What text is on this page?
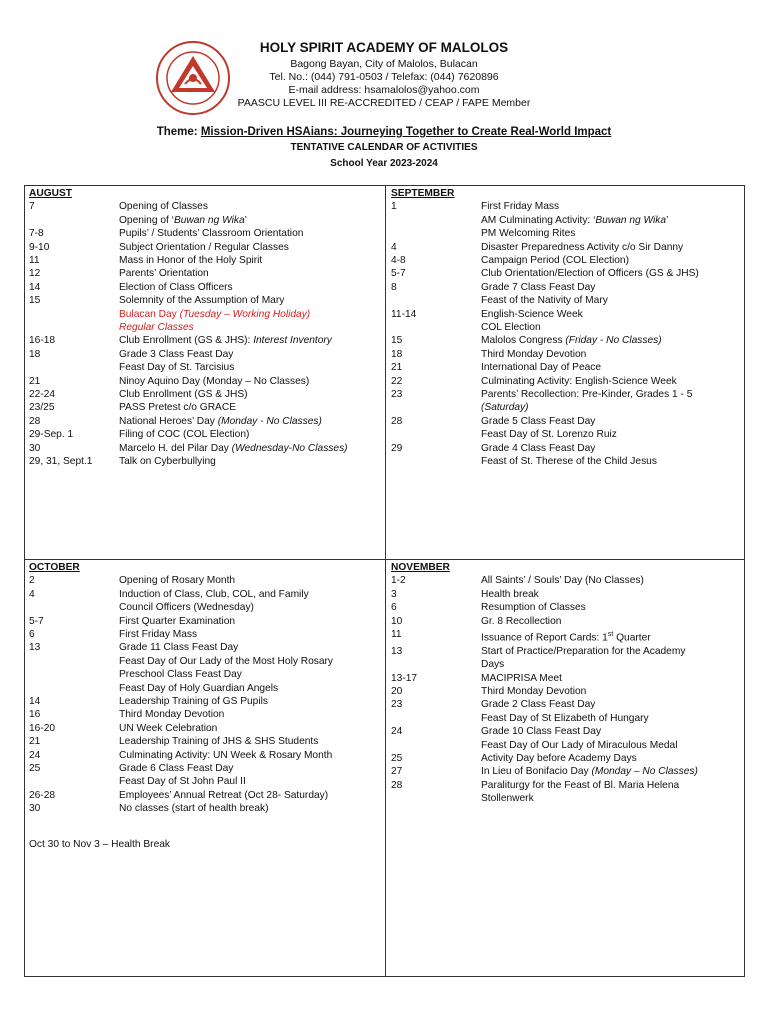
HOLY SPIRIT ACADEMY OF MALOLOS
Bagong Bayan, City of Malolos, Bulacan
Tel. No.: (044) 791-0503 / Telefax: (044) 7620896
E-mail address: hsamalolos@yahoo.com
PAASCU LEVEL III RE-ACCREDITED / CEAP / FAPE Member
Theme: Mission-Driven HSAians: Journeying Together to Create Real-World Impact
TENTATIVE CALENDAR OF ACTIVITIES
School Year 2023-2024
AUGUST
7	Opening of Classes
Opening of ‘Buwan ng Wika’
7-8	Pupils’ / Students’ Classroom Orientation
9-10	Subject Orientation / Regular Classes
11	Mass in Honor of the Holy Spirit
12	Parents’ Orientation
14	Election of Class Officers
15	Solemnity of the Assumption of Mary
Bulacan Day (Tuesday – Working Holiday)
Regular Classes
16-18	Club Enrollment (GS & JHS): Interest Inventory
18	Grade 3 Class Feast Day
Feast Day of St. Tarcisius
21	Ninoy Aquino Day (Monday – No Classes)
22-24	Club Enrollment (GS & JHS)
23/25	PASS Pretest c/o GRACE
28	National Heroes’ Day (Monday - No Classes)
29-Sep. 1	Filing of COC (COL Election)
30	Marcelo H. del Pilar Day (Wednesday-No Classes)
29, 31, Sept.1	Talk on Cyberbullying
SEPTEMBER
1	First Friday Mass
AM Culminating Activity: ‘Buwan ng Wika’
PM Welcoming Rites
4	Disaster Preparedness Activity c/o Sir Danny
4-8	Campaign Period (COL Election)
5-7	Club Orientation/Election of Officers (GS & JHS)
8	Grade 7 Class Feast Day
Feast of the Nativity of Mary
11-14	English-Science Week
COL Election
15	Malolos Congress (Friday - No Classes)
18	Third Monday Devotion
21	International Day of Peace
22	Culminating Activity: English-Science Week
23	Parents’ Recollection: Pre-Kinder, Grades 1 - 5
(Saturday)
28	Grade 5 Class Feast Day
Feast Day of St. Lorenzo Ruiz
29	Grade 4 Class Feast Day
Feast of St. Therese of the Child Jesus
OCTOBER
2	Opening of Rosary Month
4	Induction of Class, Club, COL, and Family
Council Officers (Wednesday)
5-7	First Quarter Examination
6	First Friday Mass
13	Grade 11 Class Feast Day
Feast Day of Our Lady of the Most Holy Rosary
Preschool Class Feast Day
Feast Day of Holy Guardian Angels
14	Leadership Training of GS Pupils
16	Third Monday Devotion
16-20	UN Week Celebration
21	Leadership Training of JHS & SHS Students
24	Culminating Activity: UN Week & Rosary Month
25	Grade 6 Class Feast Day
Feast Day of St John Paul II
26-28	Employees’ Annual Retreat (Oct 28- Saturday)
30	No classes (start of health break)
Oct 30 to Nov 3 – Health Break
NOVEMBER
1-2	All Saints’ / Souls’ Day (No Classes)
3	Health break
6	Resumption of Classes
10	Gr. 8 Recollection
11	Issuance of Report Cards: 1st Quarter
13	Start of Practice/Preparation for the Academy
Days
13-17	MACIPRISA Meet
20	Third Monday Devotion
23	Grade 2 Class Feast Day
Feast Day of St Elizabeth of Hungary
24	Grade 10 Class Feast Day
Feast Day of Our Lady of Miraculous Medal
25	Activity Day before Academy Days
27	In Lieu of Bonifacio Day (Monday – No Classes)
28	Paraliturgy for the Feast of Bl. Maria Helena
Stollenwerk
